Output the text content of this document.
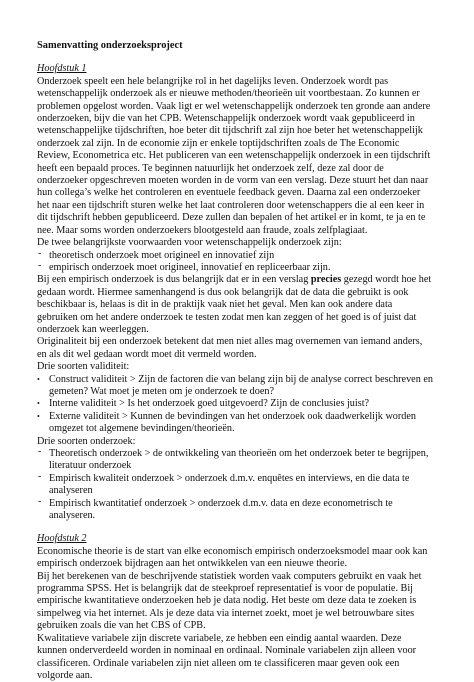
Samenvatting onderzoeksproject

Hoofdstuk 1

Onderzoek speelt een hele belangrijke rol in het dagelijks leven. Onderzoek wordt pas wetenschappelijk onderzoek als er nieuwe methoden/theorieën uit voortbestaan. Zo kunnen er problemen opgelost worden. Vaak ligt er wel wetenschappelijk onderzoek ten gronde aan andere onderzoeken, bijv die van het CPB. Wetenschappelijk onderzoek wordt vaak gepubliceerd in wetenschappelijke tijdschriften, hoe beter dit tijdschrift zal zijn hoe beter het wetenschappelijk onderzoek zal zijn. In de economie zijn er enkele toptijdschriften zoals de The Economic Review, Econometrica etc. Het publiceren van een wetenschappelijk onderzoek in een tijdschrift heeft een bepaald proces. Te beginnen natuurlijk het onderzoek zelf, deze zal door de onderzoeker opgeschreven moeten worden in de vorm van een verslag. Deze stuurt het dan naar hun collega’s welke het controleren en eventuele feedback geven. Daarna zal een onderzoeker het naar een tijdschrift sturen welke het laat controleren door wetenschappers die al een keer in dit tijdschrift hebben gepubliceerd. Deze zullen dan bepalen of het artikel er in komt, te ja en te nee. Maar soms worden onderzoekers blootgesteld aan fraude, zoals zelfplagiaat.

De twee belangrijkste voorwaarden voor wetenschappelijk onderzoek zijn:

- theoretisch onderzoek moet origineel en innovatief zijn
- empirisch onderzoek moet origineel, innovatief en repliceerbaar zijn.

Bij een empirisch onderzoek is dus belangrijk dat er in een verslag precies gezegd wordt hoe het gedaan wordt. Hiermee samenhangend is dus ook belangrijk dat de data die gebruikt is ook beschikbaar is, helaas is dit in de praktijk vaak niet het geval. Men kan ook andere data gebruiken om het andere onderzoek te testen zodat men kan zeggen of het goed is of juist dat onderzoek kan weerleggen.

Originaliteit bij een onderzoek betekent dat men niet alles mag overnemen van iemand anders, en als dit wel gedaan wordt moet dit vermeld worden.

Drie soorten validiteit:

• Construct validiteit > Zijn de factoren die van belang zijn bij de analyse correct beschreven en gemeten? Wat moet je meten om je onderzoek te doen?
• Interne validiteit > Is het onderzoek goed uitgevoerd? Zijn de conclusies juist?
• Externe validiteit > Kunnen de bevindingen van het onderzoek ook daadwerkelijk worden omgezet tot algemene bevindingen/theorieën.

Drie soorten onderzoek:

- Theoretisch onderzoek > de ontwikkeling van theorieën om het onderzoek beter te begrijpen, literatuur onderzoek
- Empirisch kwaliteit onderzoek > onderzoek d.m.v. enquêtes en interviews, en die data te analyseren
- Empirisch kwantitatief onderzoek > onderzoek d.m.v. data en deze econometrisch te analyseren.

Hoofdstuk 2

Economische theorie is de start van elke economisch empirisch onderzoeksmodel maar ook kan empirisch onderzoek bijdragen aan het ontwikkelen van een nieuwe theorie.

Bij het berekenen van de beschrijvende statistiek worden vaak computers gebruikt en vaak het programma SPSS. Het is belangrijk dat de steekproef representatief is voor de populatie. Bij empirische kwantitatieve onderzoeken heb je data nodig. Het beste om deze data te zoeken is simpelweg via het internet. Als je deze data via internet zoekt, moet je wel betrouwbare sites gebruiken zoals die van het CBS of CPB.

Kwalitatieve variabele zijn discrete variabele, ze hebben een eindig aantal waarden. Deze kunnen onderverdeeld worden in nominaal en ordinaal. Nominale variabelen zijn alleen voor classificeren. Ordinale variabelen zijn niet alleen om te classificeren maar geven ook een volgorde aan.
